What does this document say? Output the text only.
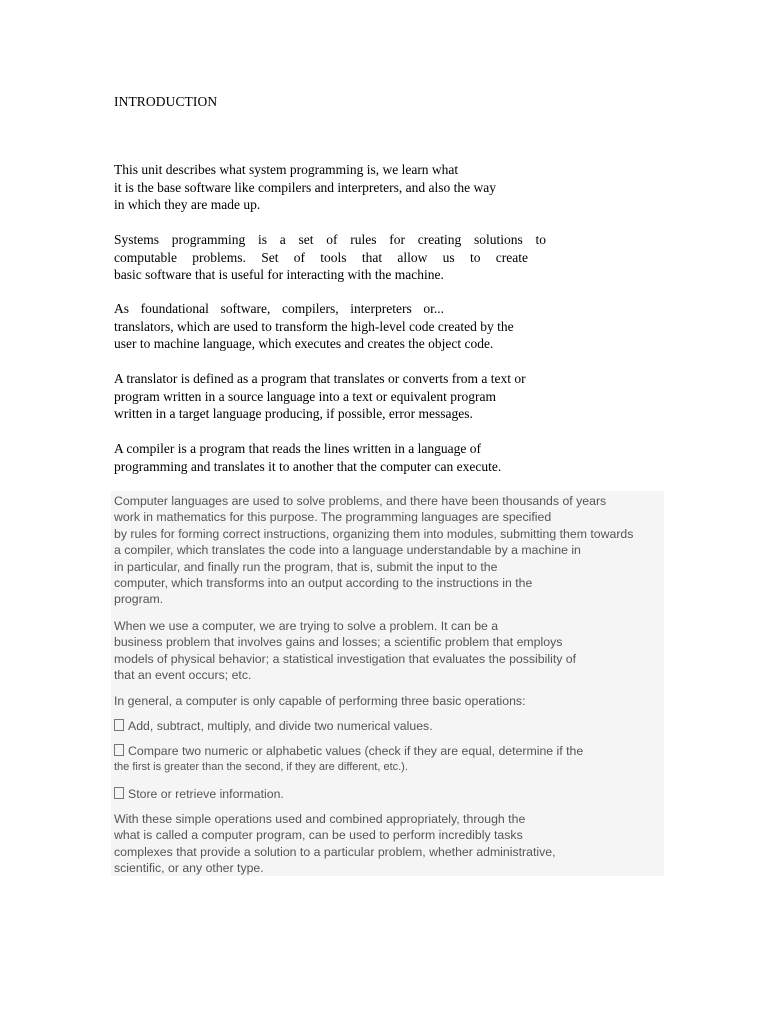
INTRODUCTION
This unit describes what system programming is, we learn what
it is the base software like compilers and interpreters, and also the way
in which they are made up.
Systems programming is a set of rules for creating solutions to
computable problems. Set of tools that allow us to create
basic software that is useful for interacting with the machine.
As foundational software, compilers, interpreters or...
translators, which are used to transform the high-level code created by the
user to machine language, which executes and creates the object code.
A translator is defined as a program that translates or converts from a text or
program written in a source language into a text or equivalent program
written in a target language producing, if possible, error messages.
A compiler is a program that reads the lines written in a language of
programming and translates it to another that the computer can execute.
Computer languages are used to solve problems, and there have been thousands of years
work in mathematics for this purpose. The programming languages are specified
by rules for forming correct instructions, organizing them into modules, submitting them towards
a compiler, which translates the code into a language understandable by a machine in
in particular, and finally run the program, that is, submit the input to the
computer, which transforms into an output according to the instructions in the
program.
When we use a computer, we are trying to solve a problem. It can be a
business problem that involves gains and losses; a scientific problem that employs
models of physical behavior; a statistical investigation that evaluates the possibility of
that an event occurs; etc.
In general, a computer is only capable of performing three basic operations:
Add, subtract, multiply, and divide two numerical values.
Compare two numeric or alphabetic values (check if they are equal, determine if the
the first is greater than the second, if they are different, etc.).
Store or retrieve information.
With these simple operations used and combined appropriately, through the
what is called a computer program, can be used to perform incredibly tasks
complexes that provide a solution to a particular problem, whether administrative,
scientific, or any other type.
